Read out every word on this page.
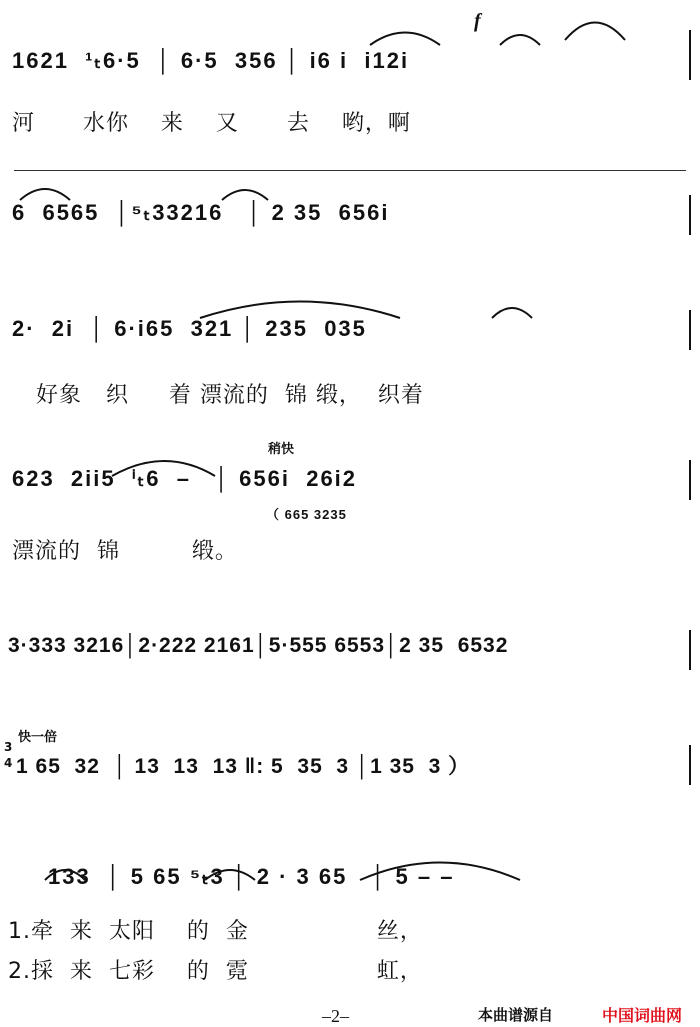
1621  ¹ₜ6·5  │ 6·5  356 │ i6 i  i12i
河      水你    来    又      去    哟，啊
f
6  6565  │⁵ₜ33216   │ 2 35  656i
2·  2i  │ 6·i65  321 │ 235  035
好象   织     着 漂流的  锦 缎，  织着
稍快
623  2ii5  ⁱₜ6  –   │ 656i  26i2
（ 665 3235
漂流的  锦         缎。
3·333 3216│2·222 2161│5·555 6553│2 35  6532
快一倍
3
4 1 65  32  │ 13  13  13 ‖: 5  35  3 │1 35  3 ）
133  │ 5 65 ⁵ₜ3 │ 2 · 3 65   │ 5 – –
1.牵  来  太阳    的  金                丝，
2.採  来  七彩    的  霓                虹，
–2–	本曲谱源自	中国词曲网
